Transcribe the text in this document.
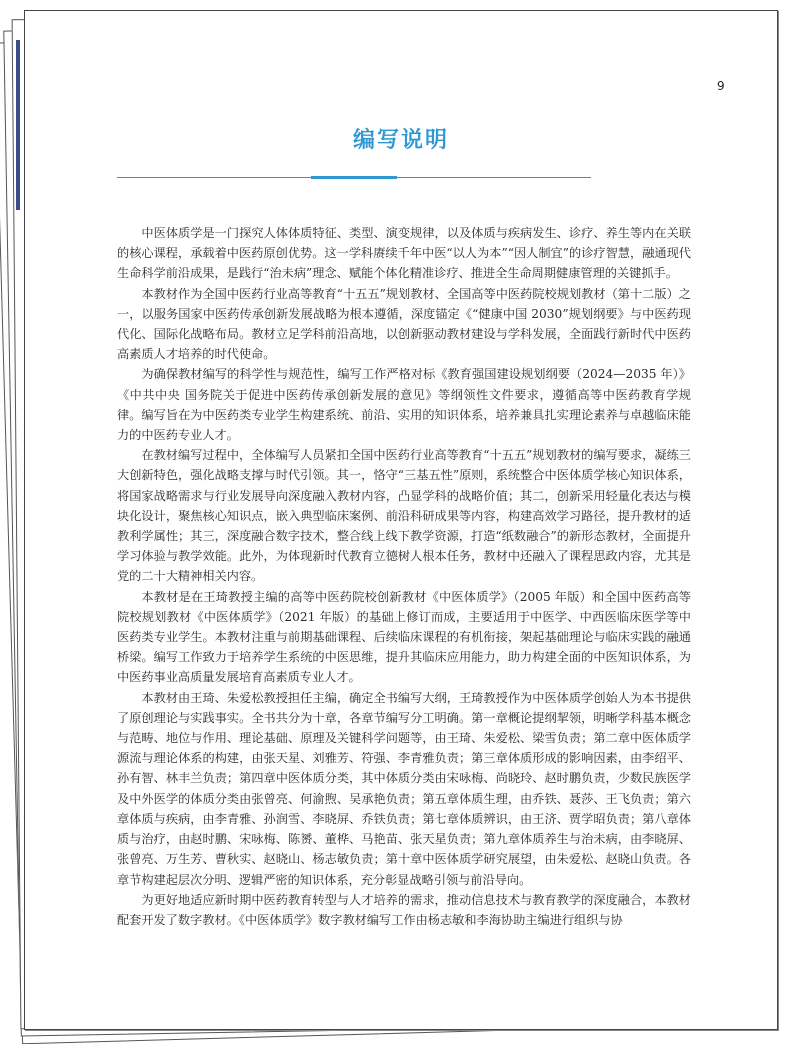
9
编写说明

中医体质学是一门探究人体体质特征、类型、演变规律，以及体质与疾病发生、诊疗、养生等内在关联的核心课程，承载着中医药原创优势。这一学科赓续千年中医“以人为本”“因人制宜”的诊疗智慧，融通现代生命科学前沿成果，是践行“治未病”理念、赋能个体化精准诊疗、推进全生命周期健康管理的关键抓手。

本教材作为全国中医药行业高等教育“十五五”规划教材、全国高等中医药院校规划教材（第十二版）之一，以服务国家中医药传承创新发展战略为根本遵循，深度锚定《“健康中国 2030”规划纲要》与中医药现代化、国际化战略布局。教材立足学科前沿高地，以创新驱动教材建设与学科发展，全面践行新时代中医药高素质人才培养的时代使命。

为确保教材编写的科学性与规范性，编写工作严格对标《教育强国建设规划纲要（2024—2035 年）》《中共中央 国务院关于促进中医药传承创新发展的意见》等纲领性文件要求，遵循高等中医药教育学规律。编写旨在为中医药类专业学生构建系统、前沿、实用的知识体系，培养兼具扎实理论素养与卓越临床能力的中医药专业人才。

在教材编写过程中，全体编写人员紧扣全国中医药行业高等教育“十五五”规划教材的编写要求，凝练三大创新特色，强化战略支撑与时代引领。其一，恪守“三基五性”原则，系统整合中医体质学核心知识体系，将国家战略需求与行业发展导向深度融入教材内容，凸显学科的战略价值；其二，创新采用轻量化表达与模块化设计，聚焦核心知识点，嵌入典型临床案例、前沿科研成果等内容，构建高效学习路径，提升教材的适教利学属性；其三，深度融合数字技术，整合线上线下教学资源，打造“纸数融合”的新形态教材，全面提升学习体验与教学效能。此外，为体现新时代教育立德树人根本任务，教材中还融入了课程思政内容，尤其是党的二十大精神相关内容。

本教材是在王琦教授主编的高等中医药院校创新教材《中医体质学》（2005 年版）和全国中医药高等院校规划教材《中医体质学》（2021 年版）的基础上修订而成，主要适用于中医学、中西医临床医学等中医药类专业学生。本教材注重与前期基础课程、后续临床课程的有机衔接，架起基础理论与临床实践的融通桥梁。编写工作致力于培养学生系统的中医思维，提升其临床应用能力，助力构建全面的中医知识体系，为中医药事业高质量发展培育高素质专业人才。

本教材由王琦、朱爱松教授担任主编，确定全书编写大纲，王琦教授作为中医体质学创始人为本书提供了原创理论与实践事实。全书共分为十章，各章节编写分工明确。第一章概论提纲挈领，明晰学科基本概念与范畴、地位与作用、理论基础、原理及关键科学问题等，由王琦、朱爱松、梁雪负责；第二章中医体质学源流与理论体系的构建，由张天星、刘雅芳、符强、李青雅负责；第三章体质形成的影响因素，由李绍平、孙有智、林丰兰负责；第四章中医体质分类，其中体质分类由宋咏梅、尚晓玲、赵时鹏负责，少数民族医学及中外医学的体质分类由张曾亮、何渝煦、吴承艳负责；第五章体质生理，由乔铁、聂莎、王飞负责；第六章体质与疾病，由李青雅、孙润雪、李晓屏、乔铁负责；第七章体质辨识，由王济、贾学昭负责；第八章体质与治疗，由赵时鹏、宋咏梅、陈赟、董桦、马艳苗、张天星负责；第九章体质养生与治未病，由李晓屏、张曾亮、万生芳、曹秋实、赵晓山、杨志敏负责；第十章中医体质学研究展望，由朱爱松、赵晓山负责。各章节构建起层次分明、逻辑严密的知识体系，充分彰显战略引领与前沿导向。

为更好地适应新时期中医药教育转型与人才培养的需求，推动信息技术与教育教学的深度融合，本教材配套开发了数字教材。《中医体质学》数字教材编写工作由杨志敏和李海协助主编进行组织与协
